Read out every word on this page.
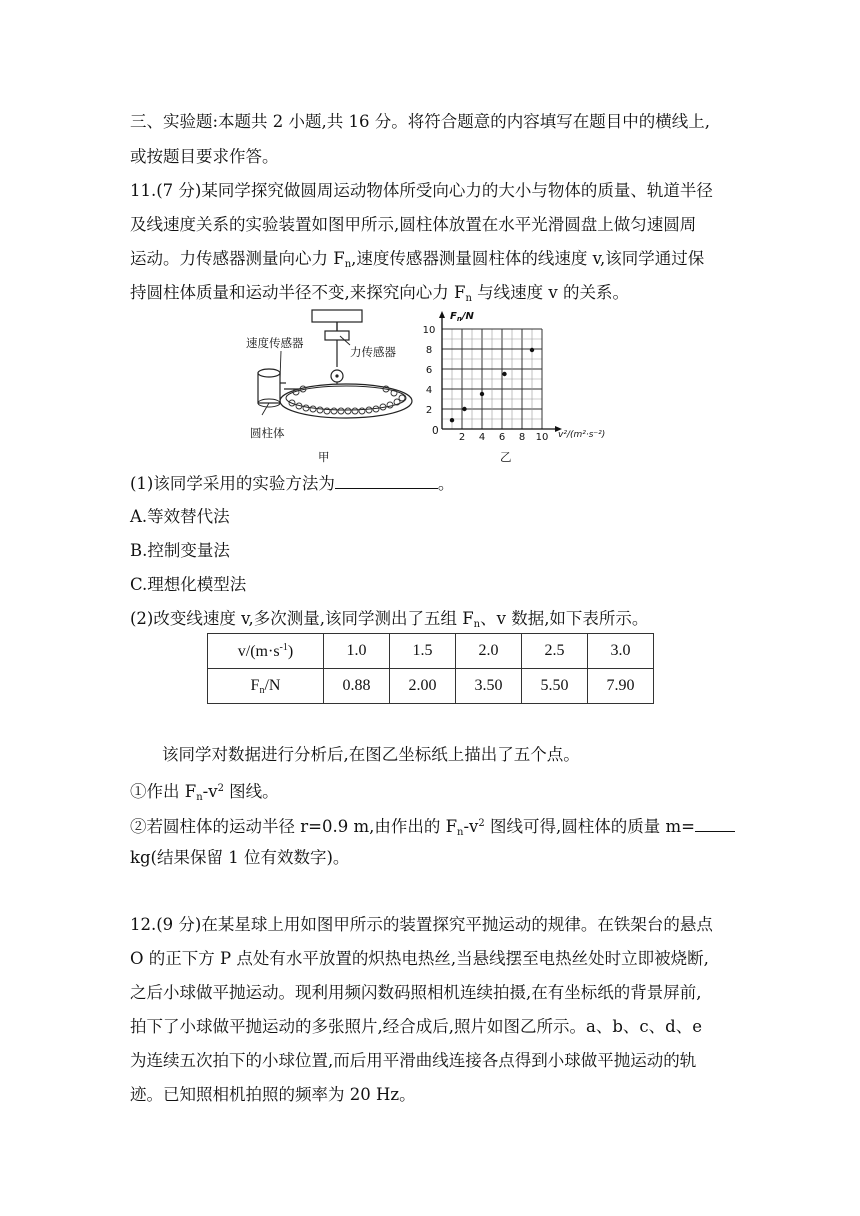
三、实验题:本题共 2 小题,共 16 分。将符合题意的内容填写在题目中的横线上,
或按题目要求作答。
11.(7 分)某同学探究做圆周运动物体所受向心力的大小与物体的质量、轨道半径
及线速度关系的实验装置如图甲所示,圆柱体放置在水平光滑圆盘上做匀速圆周
运动。力传感器测量向心力 $F_n$,速度传感器测量圆柱体的线速度 v,该同学通过保
持圆柱体质量和运动半径不变,来探究向心力 $F_n$ 与线速度 v 的关系。
速度传感器
力传感器
圆柱体
甲
$F_n/N$
v²/(m²·s⁻²)
0
2
4
6
8
10
2 4 6 8 10
乙
(1)该同学采用的实验方法为	。
A.等效替代法
B.控制变量法
C.理想化模型法
(2)改变线速度 v,多次测量,该同学测出了五组 $F_n$、v 数据,如下表所示。
$v/(m\cdot s^{-1})$	1.0	1.5	2.0	2.5	3.0
$F_n/N$	0.88	2.00	3.50	5.50	7.90
该同学对数据进行分析后,在图乙坐标纸上描出了五个点。
①作出 $F_n-v^2$ 图线。
②若圆柱体的运动半径 r=0.9 m,由作出的 $F_n-v^2$ 图线可得,圆柱体的质量 m=
kg(结果保留 1 位有效数字)。
12.(9 分)在某星球上用如图甲所示的装置探究平抛运动的规律。在铁架台的悬点
O 的正下方 P 点处有水平放置的炽热电热丝,当悬线摆至电热丝处时立即被烧断,
之后小球做平抛运动。现利用频闪数码照相机连续拍摄,在有坐标纸的背景屏前,
拍下了小球做平抛运动的多张照片,经合成后,照片如图乙所示。a、b、c、d、e
为连续五次拍下的小球位置,而后用平滑曲线连接各点得到小球做平抛运动的轨
迹。已知照相机拍照的频率为 20 Hz。
